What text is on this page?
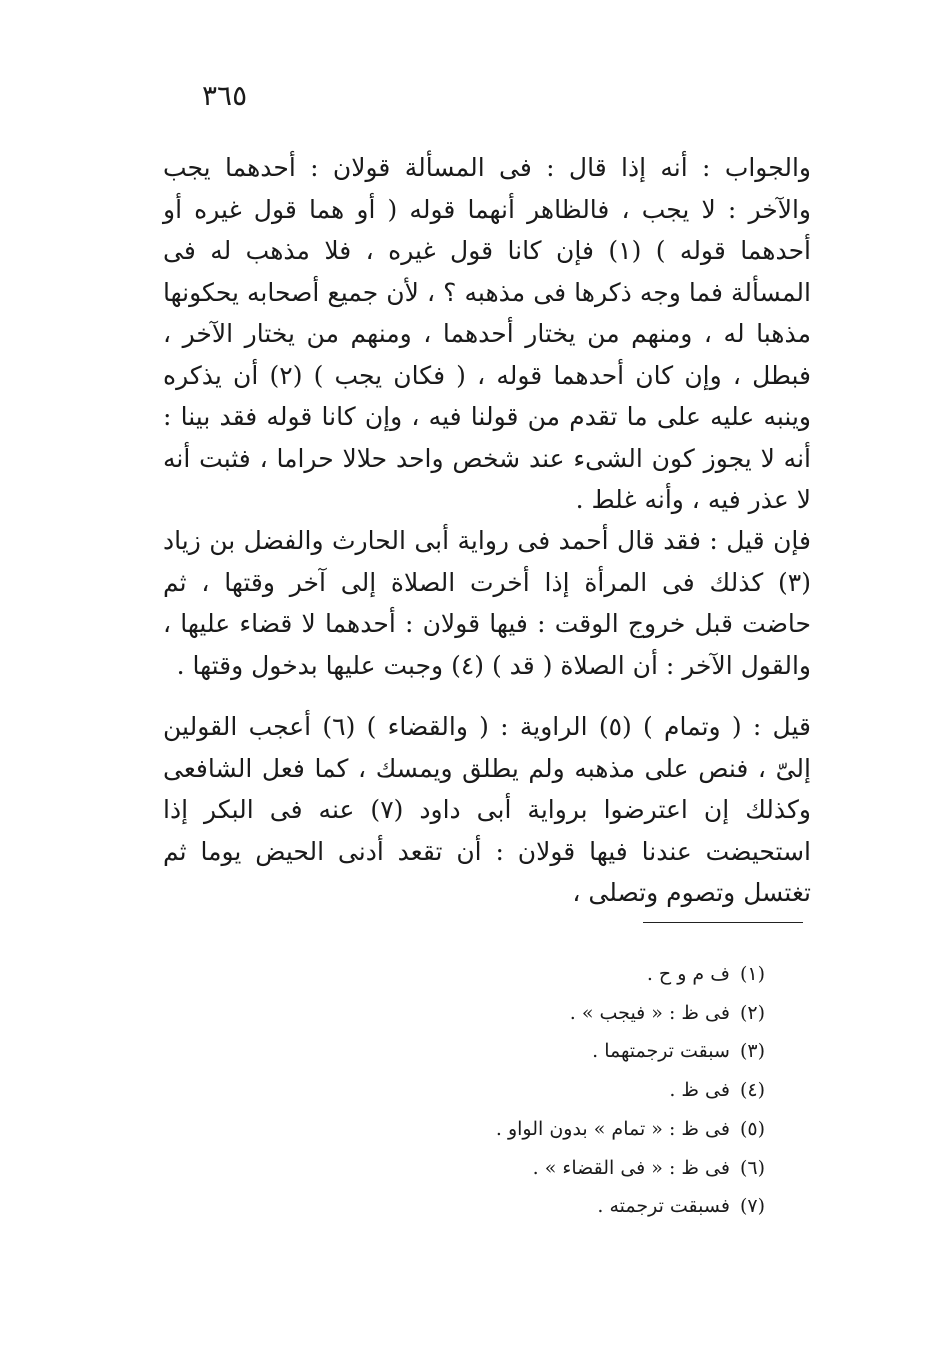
٣٦٥

والجواب : أنه إذا قال : فى المسألة قولان : أحدهما يجب والآخر : لا يجب ، فالظاهر أنهما قوله ( أو هما قول غيره أو أحدهما قوله ) (١) فإن كانا قول غيره ، فلا مذهب له فى المسألة فما وجه ذكرها فى مذهبه ؟ ، لأن جميع أصحابه يحكونها مذهبا له ، ومنهم من يختار أحدهما ، ومنهم من يختار الآخر ، فبطل ، وإن كان أحدهما قوله ، ( فكان يجب ) (٢) أن يذكره وينبه عليه على ما تقدم من قولنا فيه ، وإن كانا قوله فقد بينا : أنه لا يجوز كون الشىء عند شخص واحد حلالا حراما ، فثبت أنه لا عذر فيه ، وأنه غلط .

فإن قيل : فقد قال أحمد فى رواية أبى الحارث والفضل بن زياد (٣) كذلك فى المرأة إذا أخرت الصلاة إلى آخر وقتها ، ثم حاضت قبل خروج الوقت : فيها قولان : أحدهما لا قضاء عليها ، والقول الآخر : أن الصلاة ( قد ) (٤) وجبت عليها بدخول وقتها .

قيل : ( وتمام ) (٥) الراوية : ( والقضاء ) (٦) أعجب القولين إلىّ ، فنص على مذهبه ولم يطلق ويمسك ، كما فعل الشافعى وكذلك إن اعترضوا برواية أبى داود (٧) عنه فى البكر إذا استحيضت عندنا فيها قولان : أن تقعد أدنى الحيض يوما ثم تغتسل وتصوم وتصلى ،

(١)ف م و ح .
(٢)فى ظ : « فيجب » .
(٣)سبقت ترجمتهما .
(٤)فى ظ .
(٥)فى ظ : « تمام » بدون الواو .
(٦)فى ظ : « فى القضاء » .
(٧)فسبقت ترجمته .
